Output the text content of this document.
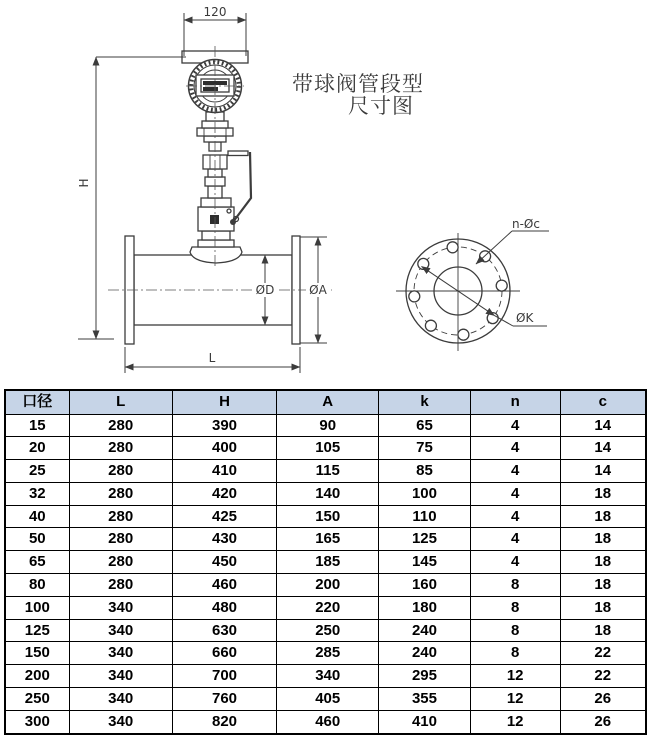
120
H
ØD	ØA
L
带球阀管段型
尺寸图
ØK
n-Øc
口径	L	H	A	k	n	c
15	280	390	90	65	4	14
20	280	400	105	75	4	14
25	280	410	115	85	4	14
32	280	420	140	100	4	18
40	280	425	150	110	4	18
50	280	430	165	125	4	18
65	280	450	185	145	4	18
80	280	460	200	160	8	18
100	340	480	220	180	8	18
125	340	630	250	240	8	18
150	340	660	285	240	8	22
200	340	700	340	295	12	22
250	340	760	405	355	12	26
300	340	820	460	410	12	26
